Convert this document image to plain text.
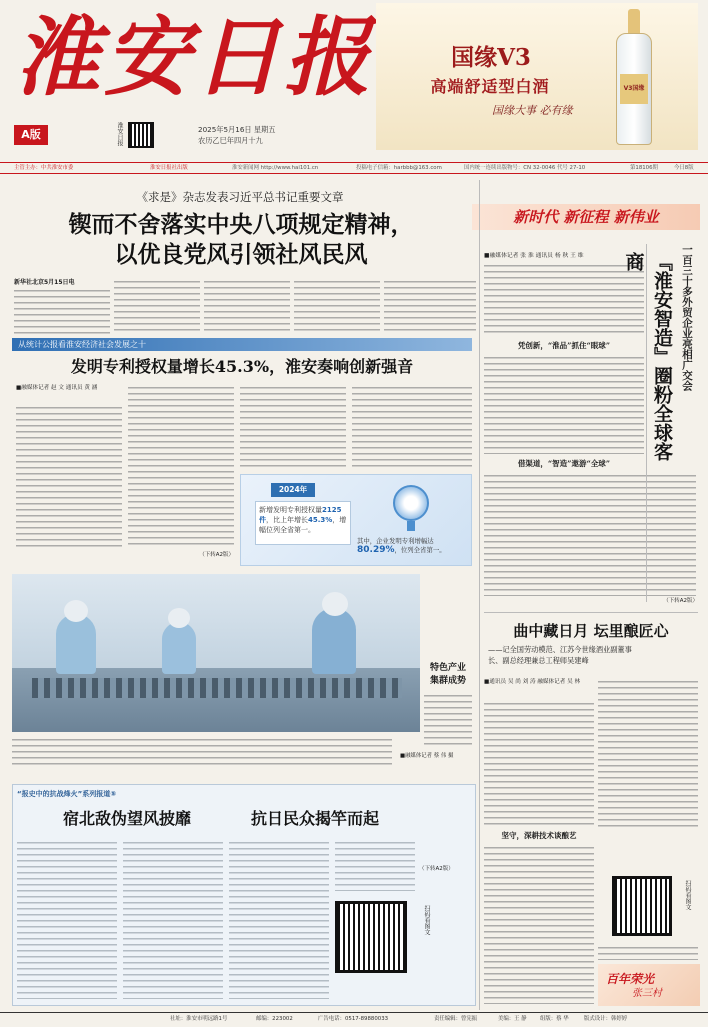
淮安日报
A版	淮安日报	2025年5月16日 星期五
农历乙巳年四月十九
国缘V3
高端舒适型白酒
国缘大事 必有缘
V3国缘
主管主办：中共淮安市委	淮安日报社出版	淮安新闻网 http://www.hai101.cn	投稿电子信箱：harbbb@163.com	国内统一连续出版物号：CN 32-0046 代号 27-10	第18106期	今日8版
《求是》杂志发表习近平总书记重要文章
锲而不舍落实中央八项规定精神，
以优良党风引领社风民风
新时代 新征程 新伟业
新华社北京5月15日电
从统计公报看淮安经济社会发展之十
发明专利授权量增长45.3%，淮安奏响创新强音
■融媒体记者 赵 文 通讯员 黄 涵
2024年
新增发明专利授权量2125件，比上年增长45.3%，增幅位列全省第一。
其中，企业发明专利增幅达
80.29%，位列全省第一。
（下转A2版）
特色产业
集群成势
■融媒体记者 蔡 伟 摄
“报史中的抗战烽火”系列报道⑤
宿北敌伪望风披靡	抗日民众揭竿而起
扫码看图文
（下转A2版）
■融媒体记者 张 淮 通讯员 杨 秋 王 维
凭创新，“淮品”抓住“眼球”
借渠道，“智造”遨游“全球”
（下转A2版）
一百三十多外贸企业亮相广交会
『淮安智造』圈粉全球客商
曲中藏日月 坛里酿匠心
——记全国劳动模范、江苏今世缘酒业副董事
长、副总经理兼总工程师吴建峰
■通讯员 吴 尚 刘 涛 融媒体记者 吴 林
坚守，深耕技术谈酿艺
扫码看图文
百年荣光
张三村
社址：淮安市明远路1号	邮编：223002	广告电话：0517-89880033	责任编辑：曾宪振	美编：王 静	组版：蔡 华	版式设计：韩婷婷
